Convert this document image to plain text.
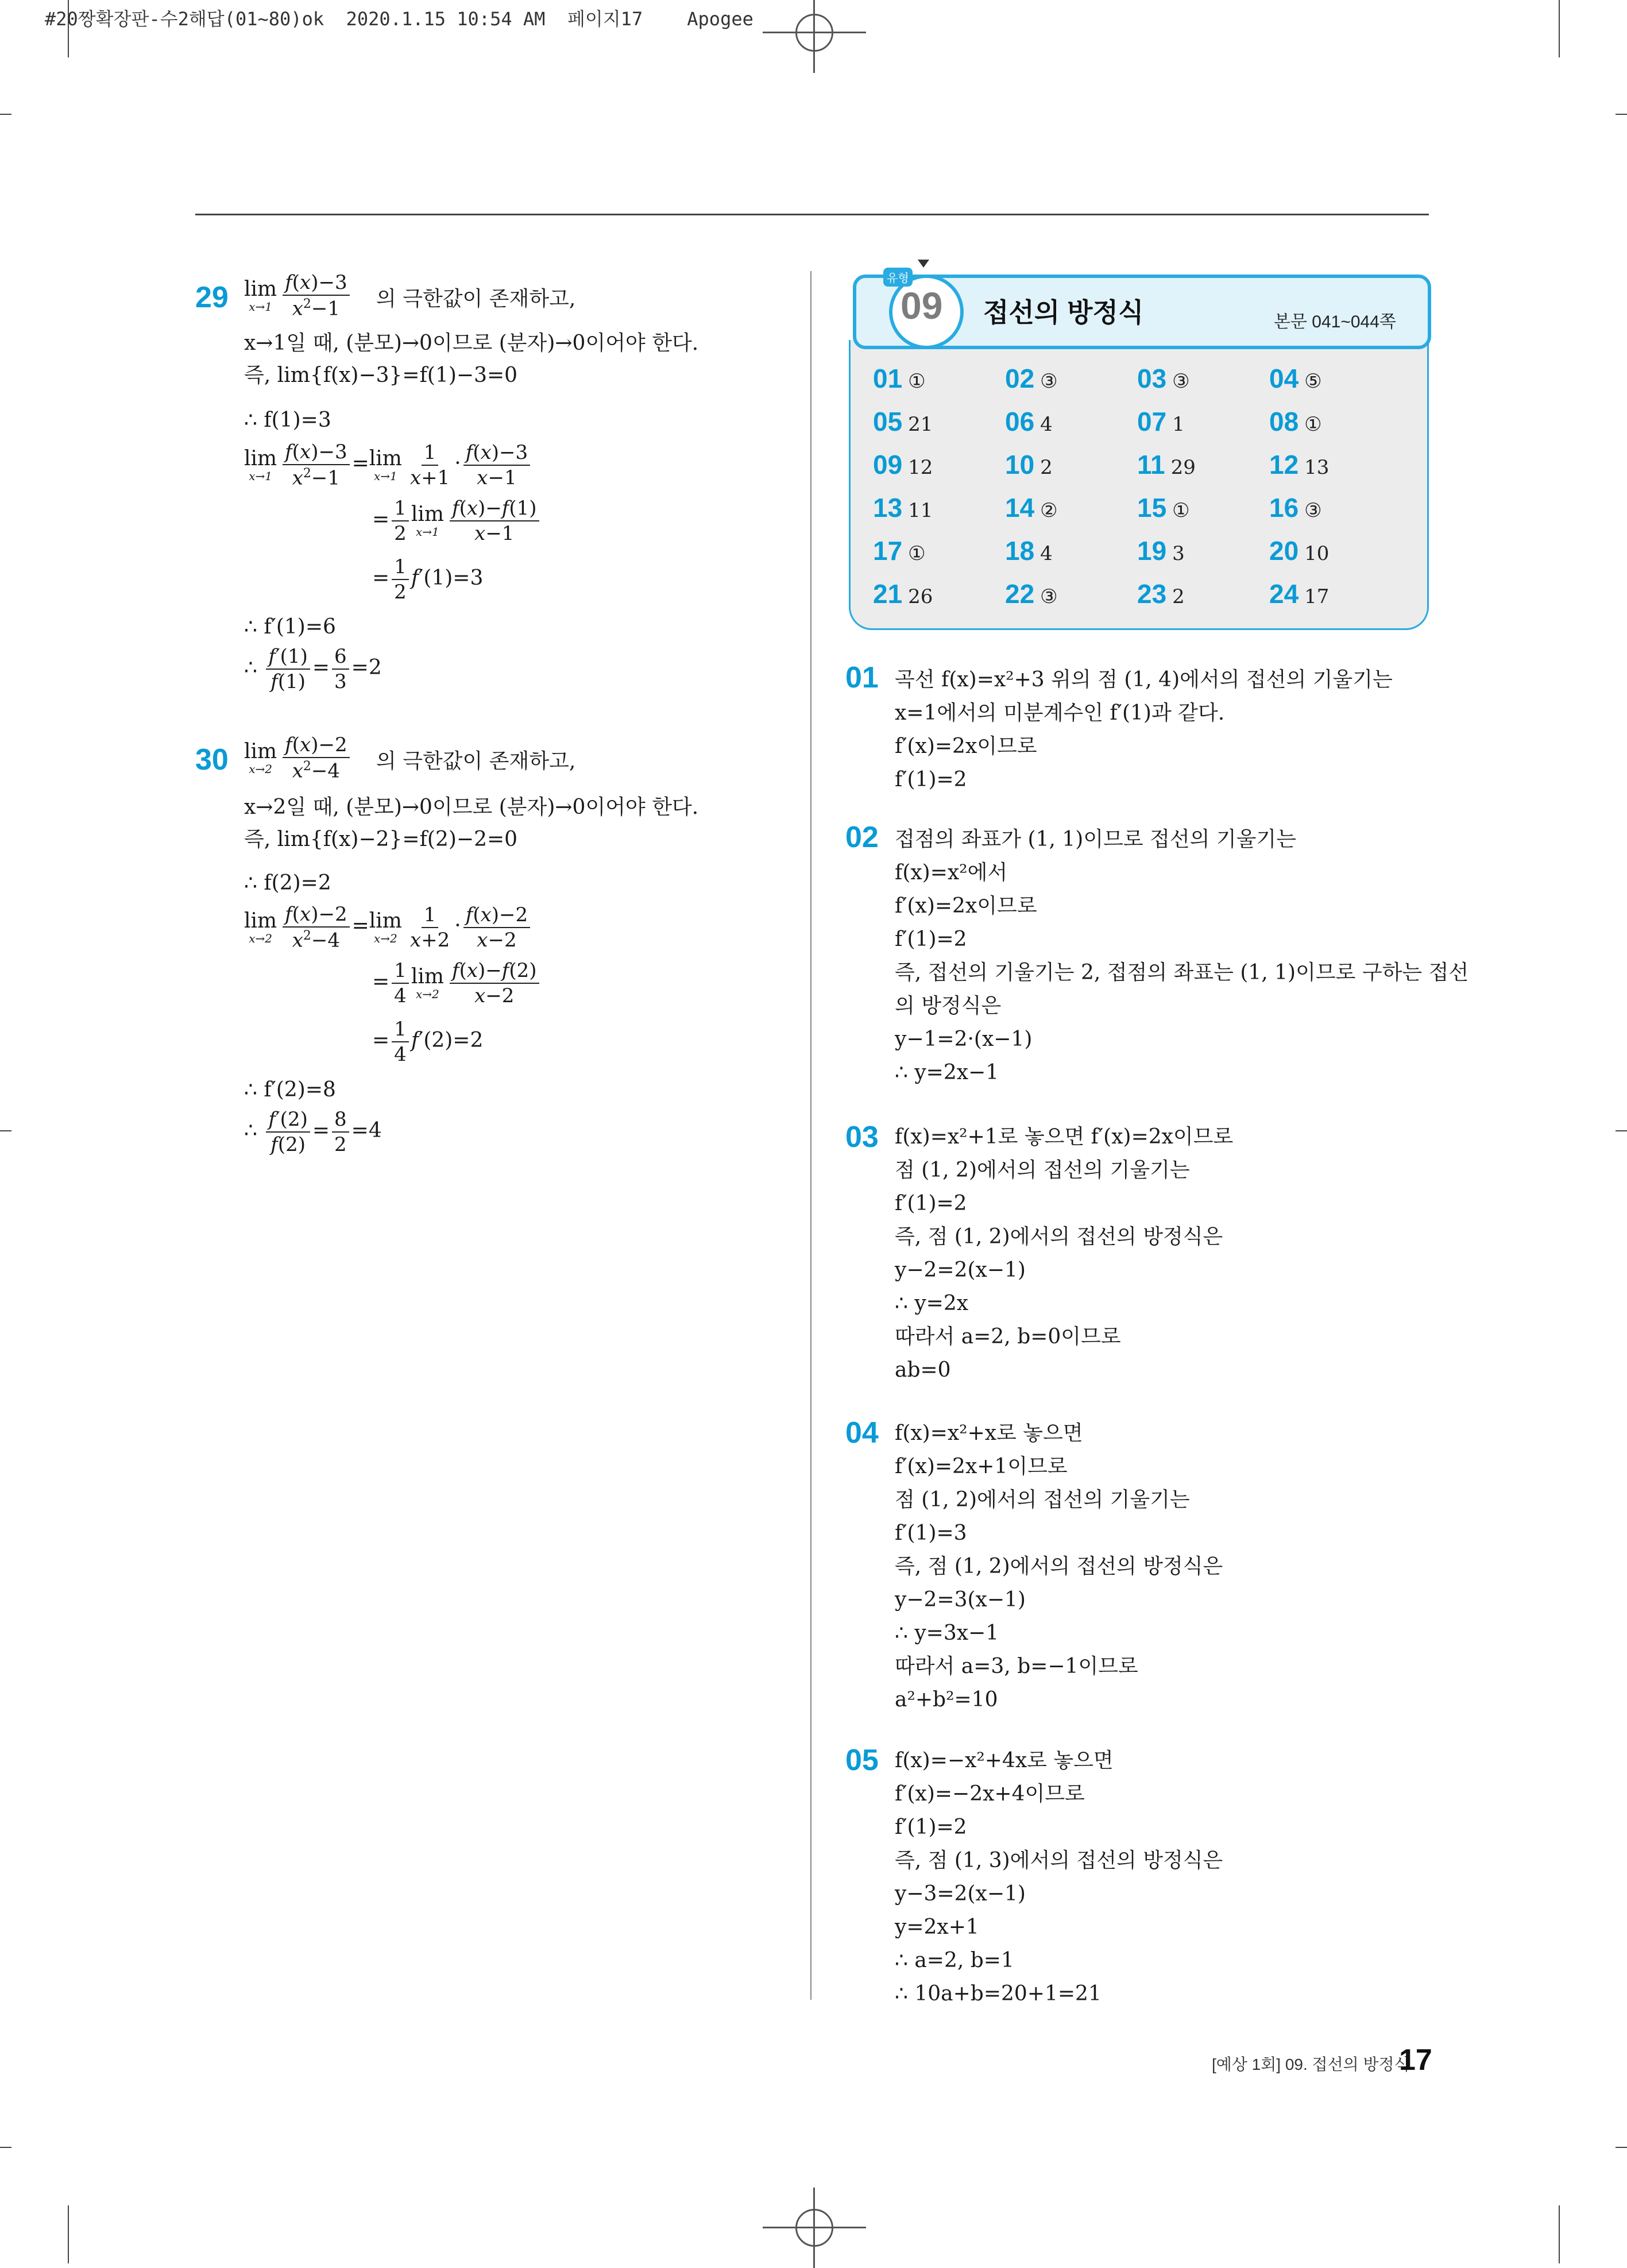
#20짱확장판-수2해답(01~80)ok  2020.1.15 10:54 AM  페이지17    Apogee
29 lim
$x\to 1 \frac{f(x)-3}{x^2-1}$ 의 극한값이 존재하고,
x→1일 때, (분모)→0이므로 (분자)→0이어야 한다.
즉, lim{f(x)−3}=f(1)−3=0
∴ f(1)=3
lim
$x\to 1 \frac{f(x)-3}{x^2-1} = \lim$
$x\to 1 \frac{1}{x+1} \cdot \frac{f(x)-3}{x-1}$
= $\frac{1}{2}$ lim
$x\to 1 \frac{f(x)-f(1)}{x-1}$
= $\frac{1}{2} f'(1)=3$
∴ f′(1)=6
∴ $\frac{f'(1)}{f(1)} = \frac{6}{3} =2$
30 lim
$x\to 2 \frac{f(x)-2}{x^2-4}$ 의 극한값이 존재하고,
x→2일 때, (분모)→0이므로 (분자)→0이어야 한다.
즉, lim{f(x)−2}=f(2)−2=0
∴ f(2)=2
lim
$x\to 2 \frac{f(x)-2}{x^2-4} = \lim$
$x\to 2 \frac{1}{x+2} \cdot \frac{f(x)-2}{x-2}$
= $\frac{1}{4}$ lim
$x\to 2 \frac{f(x)-f(2)}{x-2}$
= $\frac{1}{4} f'(2)=2$
∴ f′(2)=8
∴ $\frac{f'(2)}{f(2)} = \frac{8}{2} =4$
유형
09 접선의 방정식	본문 041~044쪽
01 ①	02 ③	03 ③	04 ⑤
05 21	06 4	07 1	08 ①
09 12	10 2	11 29	12 13
13 11	14 ②	15 ①	16 ③
17 ①	18 4	19 3	20 10
21 26	22 ③	23 2	24 17
01 곡선 f(x)=x²+3 위의 점 (1, 4)에서의 접선의 기울기는
x=1에서의 미분계수인 f′(1)과 같다.
f′(x)=2x이므로
f′(1)=2
02 접점의 좌표가 (1, 1)이므로 접선의 기울기는
f(x)=x²에서
f′(x)=2x이므로
f′(1)=2
즉, 접선의 기울기는 2, 접점의 좌표는 (1, 1)이므로 구하는 접선
의 방정식은
y−1=2·(x−1)
∴ y=2x−1
03 f(x)=x²+1로 놓으면 f′(x)=2x이므로
점 (1, 2)에서의 접선의 기울기는
f′(1)=2
즉, 점 (1, 2)에서의 접선의 방정식은
y−2=2(x−1)
∴ y=2x
따라서 a=2, b=0이므로
ab=0
04 f(x)=x²+x로 놓으면
f′(x)=2x+1이므로
점 (1, 2)에서의 접선의 기울기는
f′(1)=3
즉, 점 (1, 2)에서의 접선의 방정식은
y−2=3(x−1)
∴ y=3x−1
따라서 a=3, b=−1이므로
a²+b²=10
05 f(x)=−x²+4x로 놓으면
f′(x)=−2x+4이므로
f′(1)=2
즉, 점 (1, 3)에서의 접선의 방정식은
y−3=2(x−1)
y=2x+1
∴ a=2, b=1
∴ 10a+b=20+1=21
[예상 1회] 09. 접선의 방정식
17
